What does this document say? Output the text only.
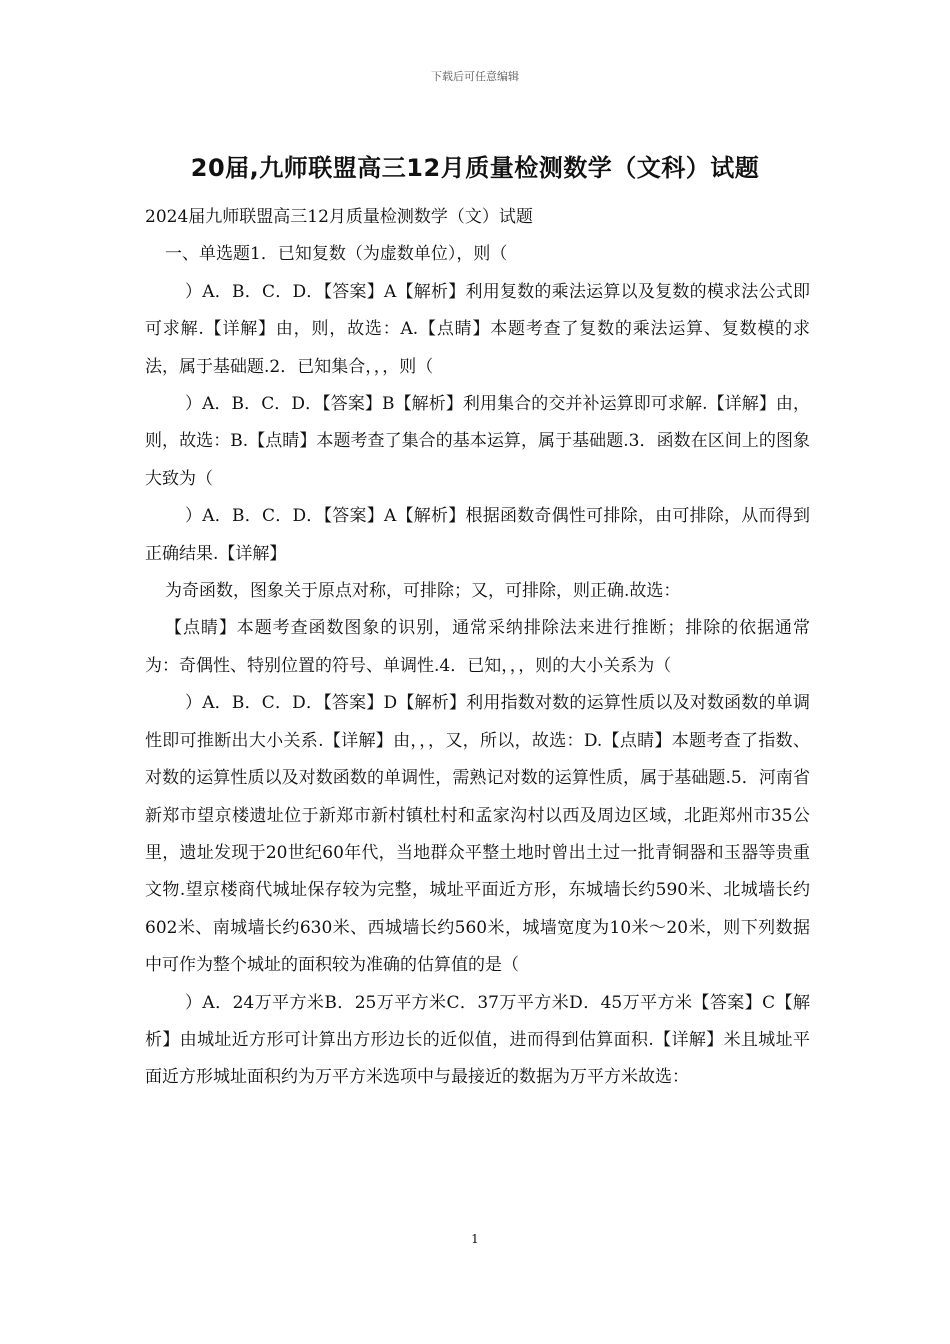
下载后可任意编辑
20届,九师联盟高三12月质量检测数学（文科）试题

2024届九师联盟高三12月质量检测数学（文）试题

一、单选题1．已知复数（为虚数单位），则（

）A．B．C．D．【答案】A【解析】利用复数的乘法运算以及复数的模求法公式即可求解.【详解】由，则，故选：A.【点睛】本题考查了复数的乘法运算、复数模的求法，属于基础题.2．已知集合，，，则（

）A．B．C．D．【答案】B【解析】利用集合的交并补运算即可求解.【详解】由，则，故选：B.【点睛】本题考查了集合的基本运算，属于基础题.3．函数在区间上的图象大致为（

）A．B．C．D．【答案】A【解析】根据函数奇偶性可排除，由可排除，从而得到正确结果.【详解】

为奇函数，图象关于原点对称，可排除；又，可排除，则正确.故选：

【点睛】本题考查函数图象的识别，通常采纳排除法来进行推断；排除的依据通常为：奇偶性、特别位置的符号、单调性.4．已知，，，则的大小关系为（

）A．B．C．D．【答案】D【解析】利用指数对数的运算性质以及对数函数的单调性即可推断出大小关系.【详解】由，，，又，所以，故选：D.【点睛】本题考查了指数、对数的运算性质以及对数函数的单调性，需熟记对数的运算性质，属于基础题.5．河南省新郑市望京楼遗址位于新郑市新村镇杜村和孟家沟村以西及周边区域，北距郑州市35公里，遗址发现于20世纪60年代，当地群众平整土地时曾出土过一批青铜器和玉器等贵重文物.望京楼商代城址保存较为完整，城址平面近方形，东城墙长约590米、北城墙长约602米、南城墙长约630米、西城墙长约560米，城墙宽度为10米～20米，则下列数据中可作为整个城址的面积较为准确的估算值的是（

）A．24万平方米B．25万平方米C．37万平方米D．45万平方米【答案】C【解析】由城址近方形可计算出方形边长的近似值，进而得到估算面积.【详解】米且城址平面近方形城址面积约为万平方米选项中与最接近的数据为万平方米故选：

1
